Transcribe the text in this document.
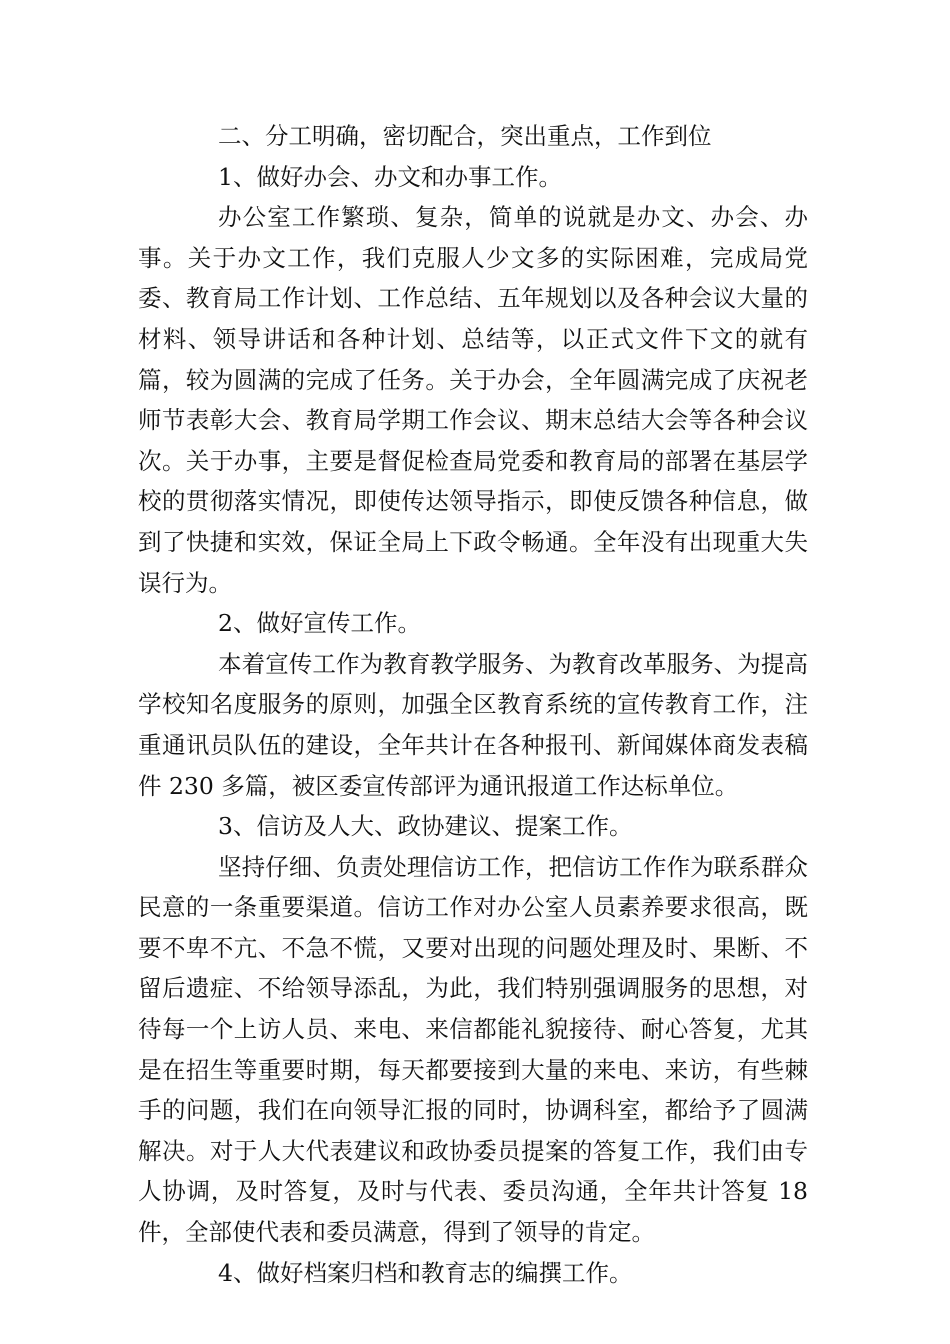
二、分工明确，密切配合，突出重点，工作到位

1、做好办会、办文和办事工作。

办公室工作繁琐、复杂，简单的说就是办文、办会、办事。关于办文工作，我们克服人少文多的实际困难，完成局党委、教育局工作计划、工作总结、五年规划以及各种会议大量的材料、领导讲话和各种计划、总结等，以正式文件下文的就有篇，较为圆满的完成了任务。关于办会，全年圆满完成了庆祝老师节表彰大会、教育局学期工作会议、期末总结大会等各种会议次。关于办事，主要是督促检查局党委和教育局的部署在基层学校的贯彻落实情况，即使传达领导指示，即使反馈各种信息，做到了快捷和实效，保证全局上下政令畅通。全年没有出现重大失误行为。

2、做好宣传工作。

本着宣传工作为教育教学服务、为教育改革服务、为提高学校知名度服务的原则，加强全区教育系统的宣传教育工作，注重通讯员队伍的建设，全年共计在各种报刊、新闻媒体商发表稿件 230 多篇，被区委宣传部评为通讯报道工作达标单位。

3、信访及人大、政协建议、提案工作。

坚持仔细、负责处理信访工作，把信访工作作为联系群众民意的一条重要渠道。信访工作对办公室人员素养要求很高，既要不卑不亢、不急不慌，又要对出现的问题处理及时、果断、不留后遗症、不给领导添乱，为此，我们特别强调服务的思想，对待每一个上访人员、来电、来信都能礼貌接待、耐心答复，尤其是在招生等重要时期，每天都要接到大量的来电、来访，有些棘手的问题，我们在向领导汇报的同时，协调科室，都给予了圆满解决。对于人大代表建议和政协委员提案的答复工作，我们由专人协调，及时答复，及时与代表、委员沟通，全年共计答复 18 件，全部使代表和委员满意，得到了领导的肯定。

4、做好档案归档和教育志的编撰工作。
